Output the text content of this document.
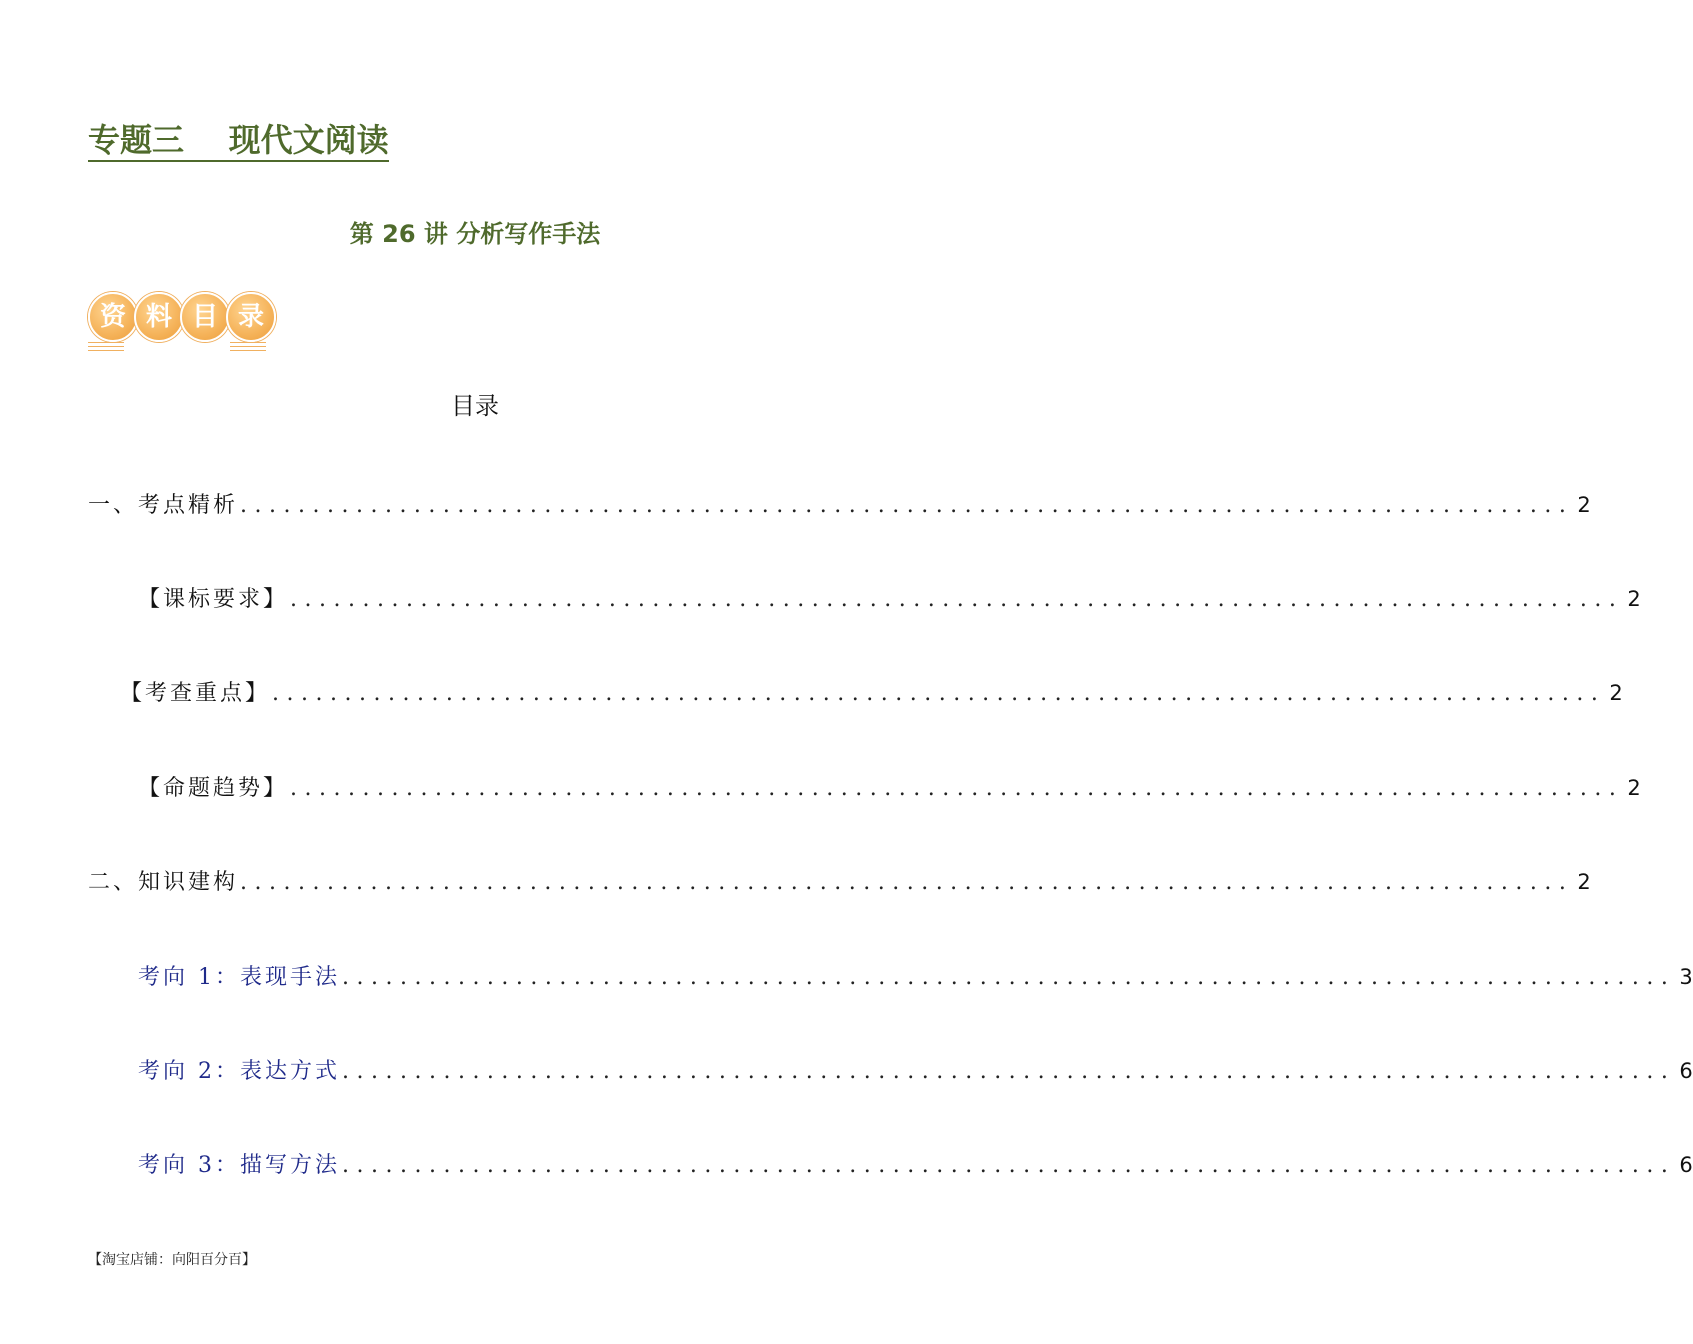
专题三    现代文阅读
第 26 讲 分析写作手法
资 料 目 录
目录
一、考点精析 ............................................................................................ 2
【课标要求】 ............................................................................................ 2
【考查重点】 ............................................................................................ 2
【命题趋势】 ............................................................................................ 2
二、知识建构 ............................................................................................ 2
考向 1：表现手法 ............................................................................................ 3
考向 2：表达方式 ............................................................................................ 6
考向 3：描写方法 ............................................................................................ 6
【淘宝店铺：向阳百分百】
